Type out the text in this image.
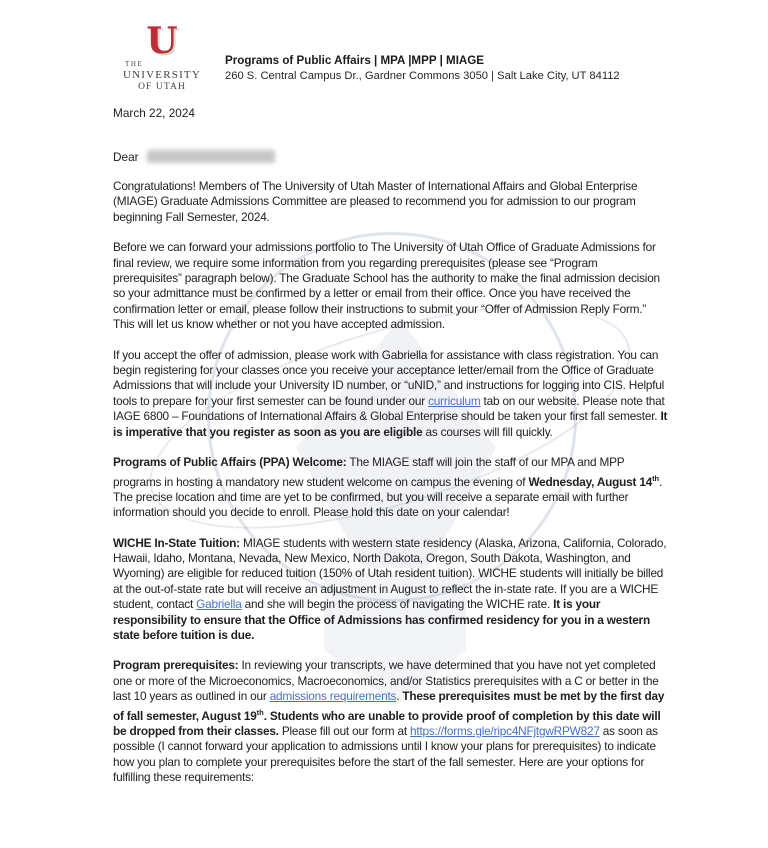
U
THE
UNIVERSITY
OF UTAH
Programs of Public Affairs | MPA |MPP | MIAGE
260 S. Central Campus Dr., Gardner Commons 3050 | Salt Lake City, UT 84112
March 22, 2024
Dear

Congratulations! Members of The University of Utah Master of International Affairs and Global Enterprise (MIAGE) Graduate Admissions Committee are pleased to recommend you for admission to our program beginning Fall Semester, 2024.

Before we can forward your admissions portfolio to The University of Utah Office of Graduate Admissions for final review, we require some information from you regarding prerequisites (please see “Program prerequisites” paragraph below). The Graduate School has the authority to make the final admission decision so your admittance must be confirmed by a letter or email from their office. Once you have received the confirmation letter or email, please follow their instructions to submit your “Offer of Admission Reply Form.” This will let us know whether or not you have accepted admission.

If you accept the offer of admission, please work with Gabriella for assistance with class registration. You can begin registering for your classes once you receive your acceptance letter/email from the Office of Graduate Admissions that will include your University ID number, or “uNID,” and instructions for logging into CIS. Helpful tools to prepare for your first semester can be found under our curriculum tab on our website. Please note that IAGE 6800 – Foundations of International Affairs & Global Enterprise should be taken your first fall semester. It is imperative that you register as soon as you are eligible as courses will fill quickly.

Programs of Public Affairs (PPA) Welcome: The MIAGE staff will join the staff of our MPA and MPP programs in hosting a mandatory new student welcome on campus the evening of Wednesday, August 14th. The precise location and time are yet to be confirmed, but you will receive a separate email with further information should you decide to enroll. Please hold this date on your calendar!

WICHE In-State Tuition: MIAGE students with western state residency (Alaska, Arizona, California, Colorado, Hawaii, Idaho, Montana, Nevada, New Mexico, North Dakota, Oregon, South Dakota, Washington, and Wyoming) are eligible for reduced tuition (150% of Utah resident tuition). WICHE students will initially be billed at the out-of-state rate but will receive an adjustment in August to reflect the in-state rate. If you are a WICHE student, contact Gabriella and she will begin the process of navigating the WICHE rate. It is your responsibility to ensure that the Office of Admissions has confirmed residency for you in a western state before tuition is due.

Program prerequisites: In reviewing your transcripts, we have determined that you have not yet completed one or more of the Microeconomics, Macroeconomics, and/or Statistics prerequisites with a C or better in the last 10 years as outlined in our admissions requirements. These prerequisites must be met by the first day of fall semester, August 19th. Students who are unable to provide proof of completion by this date will be dropped from their classes. Please fill out our form at https://forms.gle/ripc4NFjtgwRPW827 as soon as possible (I cannot forward your application to admissions until I know your plans for prerequisites) to indicate how you plan to complete your prerequisites before the start of the fall semester. Here are your options for fulfilling these requirements:
